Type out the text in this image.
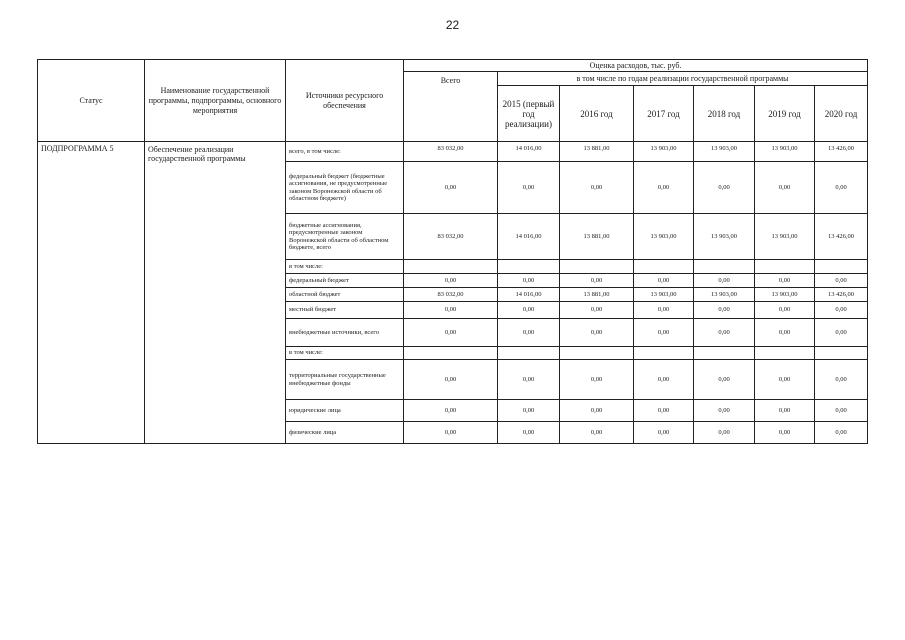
22
Статус	Наименование государственной программы, подпрограммы, основного мероприятия	Источники ресурсного обеспечения	Оценка расходов, тыс. руб.						
			Всего	в том числе по годам реализации государственной программы					
				2015 (первый год реализации)	2016 год	2017 год	2018 год	2019 год	2020 год
ПОДПРОГРАММА 5	Обеспечение реализации государственной программы	всего, в том числе:	83 032,00	14 016,00	13 881,00	13 903,00	13 903,00	13 903,00	13 426,00
		федеральный бюджет (бюджетные ассигнования, не предусмотренные законом Воронежской области об областном бюджете)	0,00	0,00	0,00	0,00	0,00	0,00	0,00
		бюджетные ассигнования, предусмотренные законом Воронежской области об областном бюджете, всего	83 032,00	14 016,00	13 881,00	13 903,00	13 903,00	13 903,00	13 426,00
		в том числе:							
		федеральный бюджет	0,00	0,00	0,00	0,00	0,00	0,00	0,00
		областной бюджет	83 032,00	14 016,00	13 881,00	13 903,00	13 903,00	13 903,00	13 426,00
		местный бюджет	0,00	0,00	0,00	0,00	0,00	0,00	0,00
		внебюджетные источники, всего	0,00	0,00	0,00	0,00	0,00	0,00	0,00
		в том числе:							
		территориальные государственные внебюджетные фонды	0,00	0,00	0,00	0,00	0,00	0,00	0,00
		юридические лица	0,00	0,00	0,00	0,00	0,00	0,00	0,00
		физические лица	0,00	0,00	0,00	0,00	0,00	0,00	0,00
